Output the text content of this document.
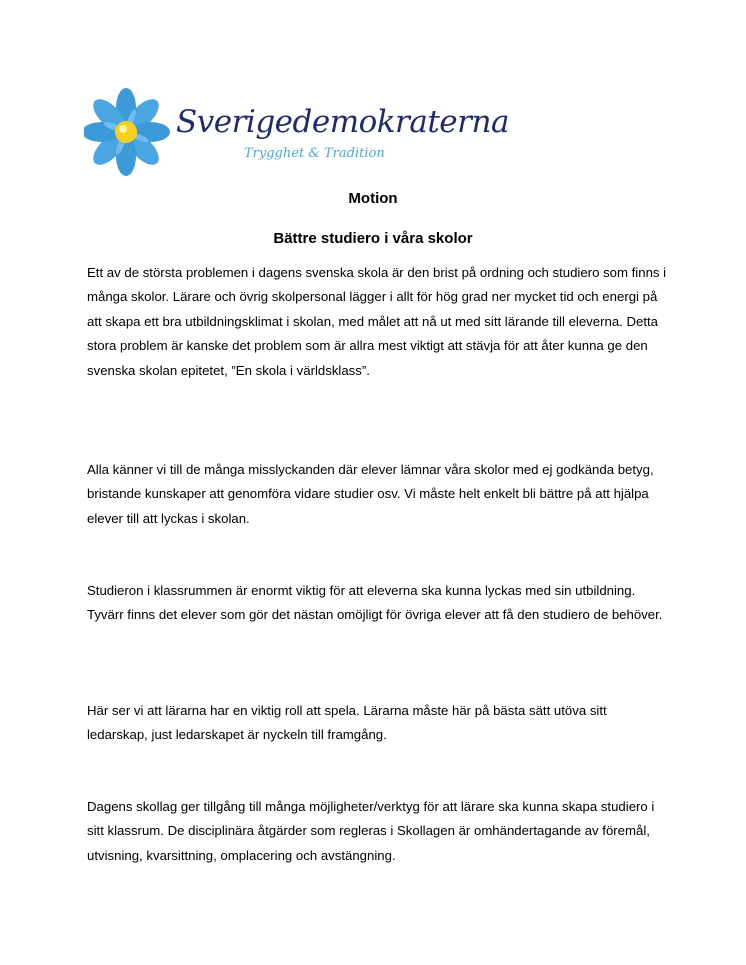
Sverigedemokraterna
Trygghet & Tradition
Motion
Bättre studiero i våra skolor

Ett av de största problemen i dagens svenska skola är den brist på ordning och studiero som finns i många skolor. Lärare och övrig skolpersonal lägger i allt för hög grad ner mycket tid och energi på att skapa ett bra utbildningsklimat i skolan, med målet att nå ut med sitt lärande till eleverna. Detta stora problem är kanske det problem som är allra mest viktigt att stävja för att åter kunna ge den svenska skolan epitetet, ”En skola i världsklass”.

Alla känner vi till de många misslyckanden där elever lämnar våra skolor med ej godkända betyg, bristande kunskaper att genomföra vidare studier osv. Vi måste helt enkelt bli bättre på att hjälpa elever till att lyckas i skolan.

Studieron i klassrummen är enormt viktig för att eleverna ska kunna lyckas med sin utbildning. Tyvärr finns det elever som gör det nästan omöjligt för övriga elever att få den studiero de behöver.

Här ser vi att lärarna har en viktig roll att spela. Lärarna måste här på bästa sätt utöva sitt ledarskap, just ledarskapet är nyckeln till framgång.

Dagens skollag ger tillgång till många möjligheter/verktyg för att lärare ska kunna skapa studiero i sitt klassrum. De disciplinära åtgärder som regleras i Skollagen är omhändertagande av föremål, utvisning, kvarsittning, omplacering och avstängning.
